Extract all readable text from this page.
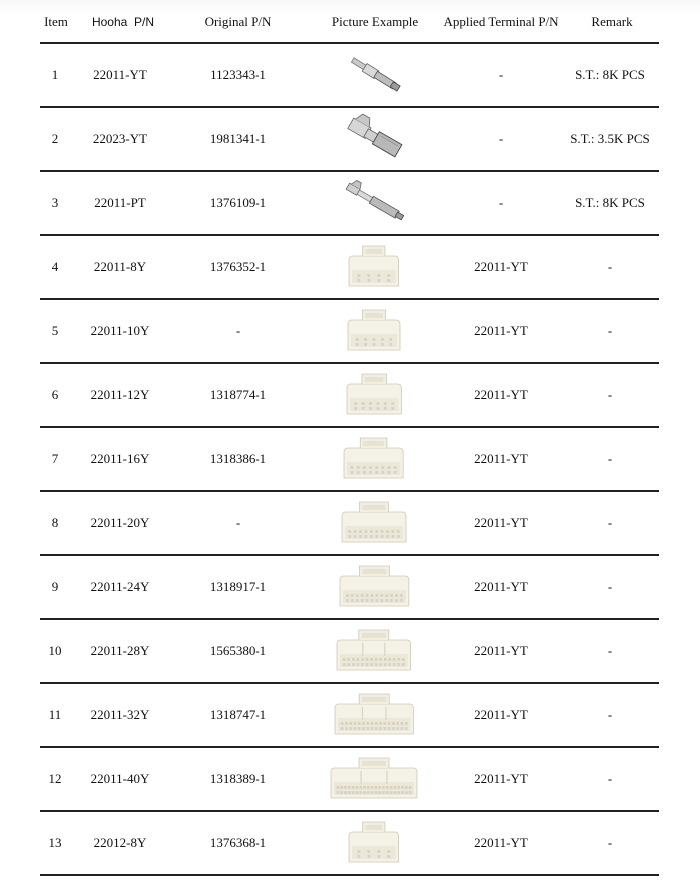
Item	Hooha  P/N	Original P/N	Picture Example	Applied Terminal P/N	Remark
1	22011-YT	1123343-1	-	S.T.: 8K PCS
2	22023-YT	1981341-1	-	S.T.: 3.5K PCS
3	22011-PT	1376109-1	-	S.T.: 8K PCS
4	22011-8Y	1376352-1	22011-YT	-
5	22011-10Y	-	22011-YT	-
6	22011-12Y	1318774-1	22011-YT	-
7	22011-16Y	1318386-1	22011-YT	-
8	22011-20Y	-	22011-YT	-
9	22011-24Y	1318917-1	22011-YT	-
10	22011-28Y	1565380-1	22011-YT	-
11	22011-32Y	1318747-1	22011-YT	-
12	22011-40Y	1318389-1	22011-YT	-
13	22012-8Y	1376368-1	22011-YT	-
